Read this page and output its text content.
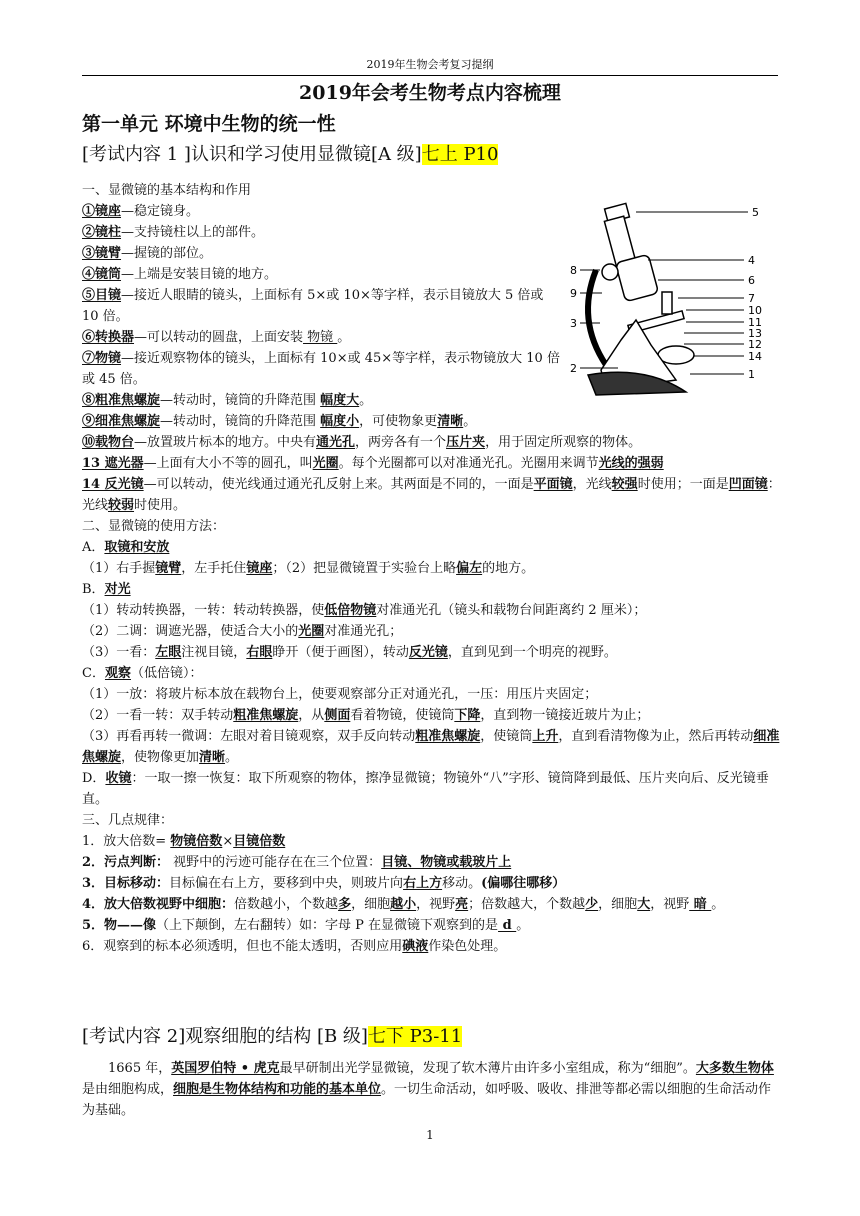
2019年生物会考复习提纲
2019年会考生物考点内容梳理
第一单元 环境中生物的统一性
[考试内容 1 ]认识和学习使用显微镜[A 级]七上 P10
5
8
9
3
2
4
6
7
10
11
13
12
14
1

一、显微镜的基本结构和作用

①镜座—稳定镜身。

②镜柱—支持镜柱以上的部件。

③镜臂—握镜的部位。

④镜筒—上端是安装目镜的地方。

⑤目镜—接近人眼睛的镜头，上面标有 5×或 10×等字样，表示目镜放大 5 倍或 10 倍。

⑥转换器—可以转动的圆盘，上面安装 物镜 。

⑦物镜—接近观察物体的镜头，上面标有 10×或 45×等字样，表示物镜放大 10 倍或 45 倍。

⑧粗准焦螺旋—转动时，镜筒的升降范围 幅度大。

⑨细准焦螺旋—转动时，镜筒的升降范围 幅度小，可使物象更清晰。

⑩载物台—放置玻片标本的地方。中央有通光孔，两旁各有一个压片夹，用于固定所观察的物体。

13 遮光器—上面有大小不等的圆孔，叫光圈。每个光圈都可以对准通光孔。光圈用来调节光线的强弱

14 反光镜—可以转动，使光线通过通光孔反射上来。其两面是不同的，一面是平面镜，光线较强时使用；一面是凹面镜：光线较弱时使用。

二、显微镜的使用方法：

A．取镜和安放

（1）右手握镜臂，左手托住镜座；（2）把显微镜置于实验台上略偏左的地方。

B．对光

（1）转动转换器，一转：转动转换器，使低倍物镜对准通光孔（镜头和载物台间距离约 2 厘米）；

（2）二调：调遮光器，使适合大小的光圈对准通光孔；

（3）一看：左眼注视目镜，右眼睁开（便于画图），转动反光镜，直到见到一个明亮的视野。

C．观察（低倍镜）：

（1）一放：将玻片标本放在载物台上，使要观察部分正对通光孔，一压：用压片夹固定；

（2）一看一转：双手转动粗准焦螺旋，从侧面看着物镜，使镜筒下降，直到物一镜接近玻片为止；

（3）再看再转一微调：左眼对着目镜观察，双手反向转动粗准焦螺旋，使镜筒上升，直到看清物像为止，然后再转动细准焦螺旋，使物像更加清晰。

D．收镜：一取一擦一恢复：取下所观察的物体，擦净显微镜；物镜外“八”字形、镜筒降到最低、压片夹向后、反光镜垂直。

三、几点规律：

1．放大倍数= 物镜倍数×目镜倍数

2．污点判断： 视野中的污迹可能存在在三个位置：目镜、物镜或载玻片上

3．目标移动：目标偏在右上方，要移到中央，则玻片向右上方移动。(偏哪往哪移）

4．放大倍数视野中细胞：倍数越小，个数越多，细胞越小，视野亮；倍数越大，个数越少，细胞大，视野 暗 。

5．物——像（上下颠倒，左右翻转）如：字母 P 在显微镜下观察到的是 d 。

6．观察到的标本必须透明，但也不能太透明，否则应用碘液作染色处理。

[考试内容 2]观察细胞的结构 [B 级]七下 P3-11

1665 年，英国罗伯特 • 虎克最早研制出光学显微镜，发现了软木薄片由许多小室组成，称为“细胞”。大多数生物体是由细胞构成，细胞是生物体结构和功能的基本单位。一切生命活动，如呼吸、吸收、排泄等都必需以细胞的生命活动作为基础。

1
